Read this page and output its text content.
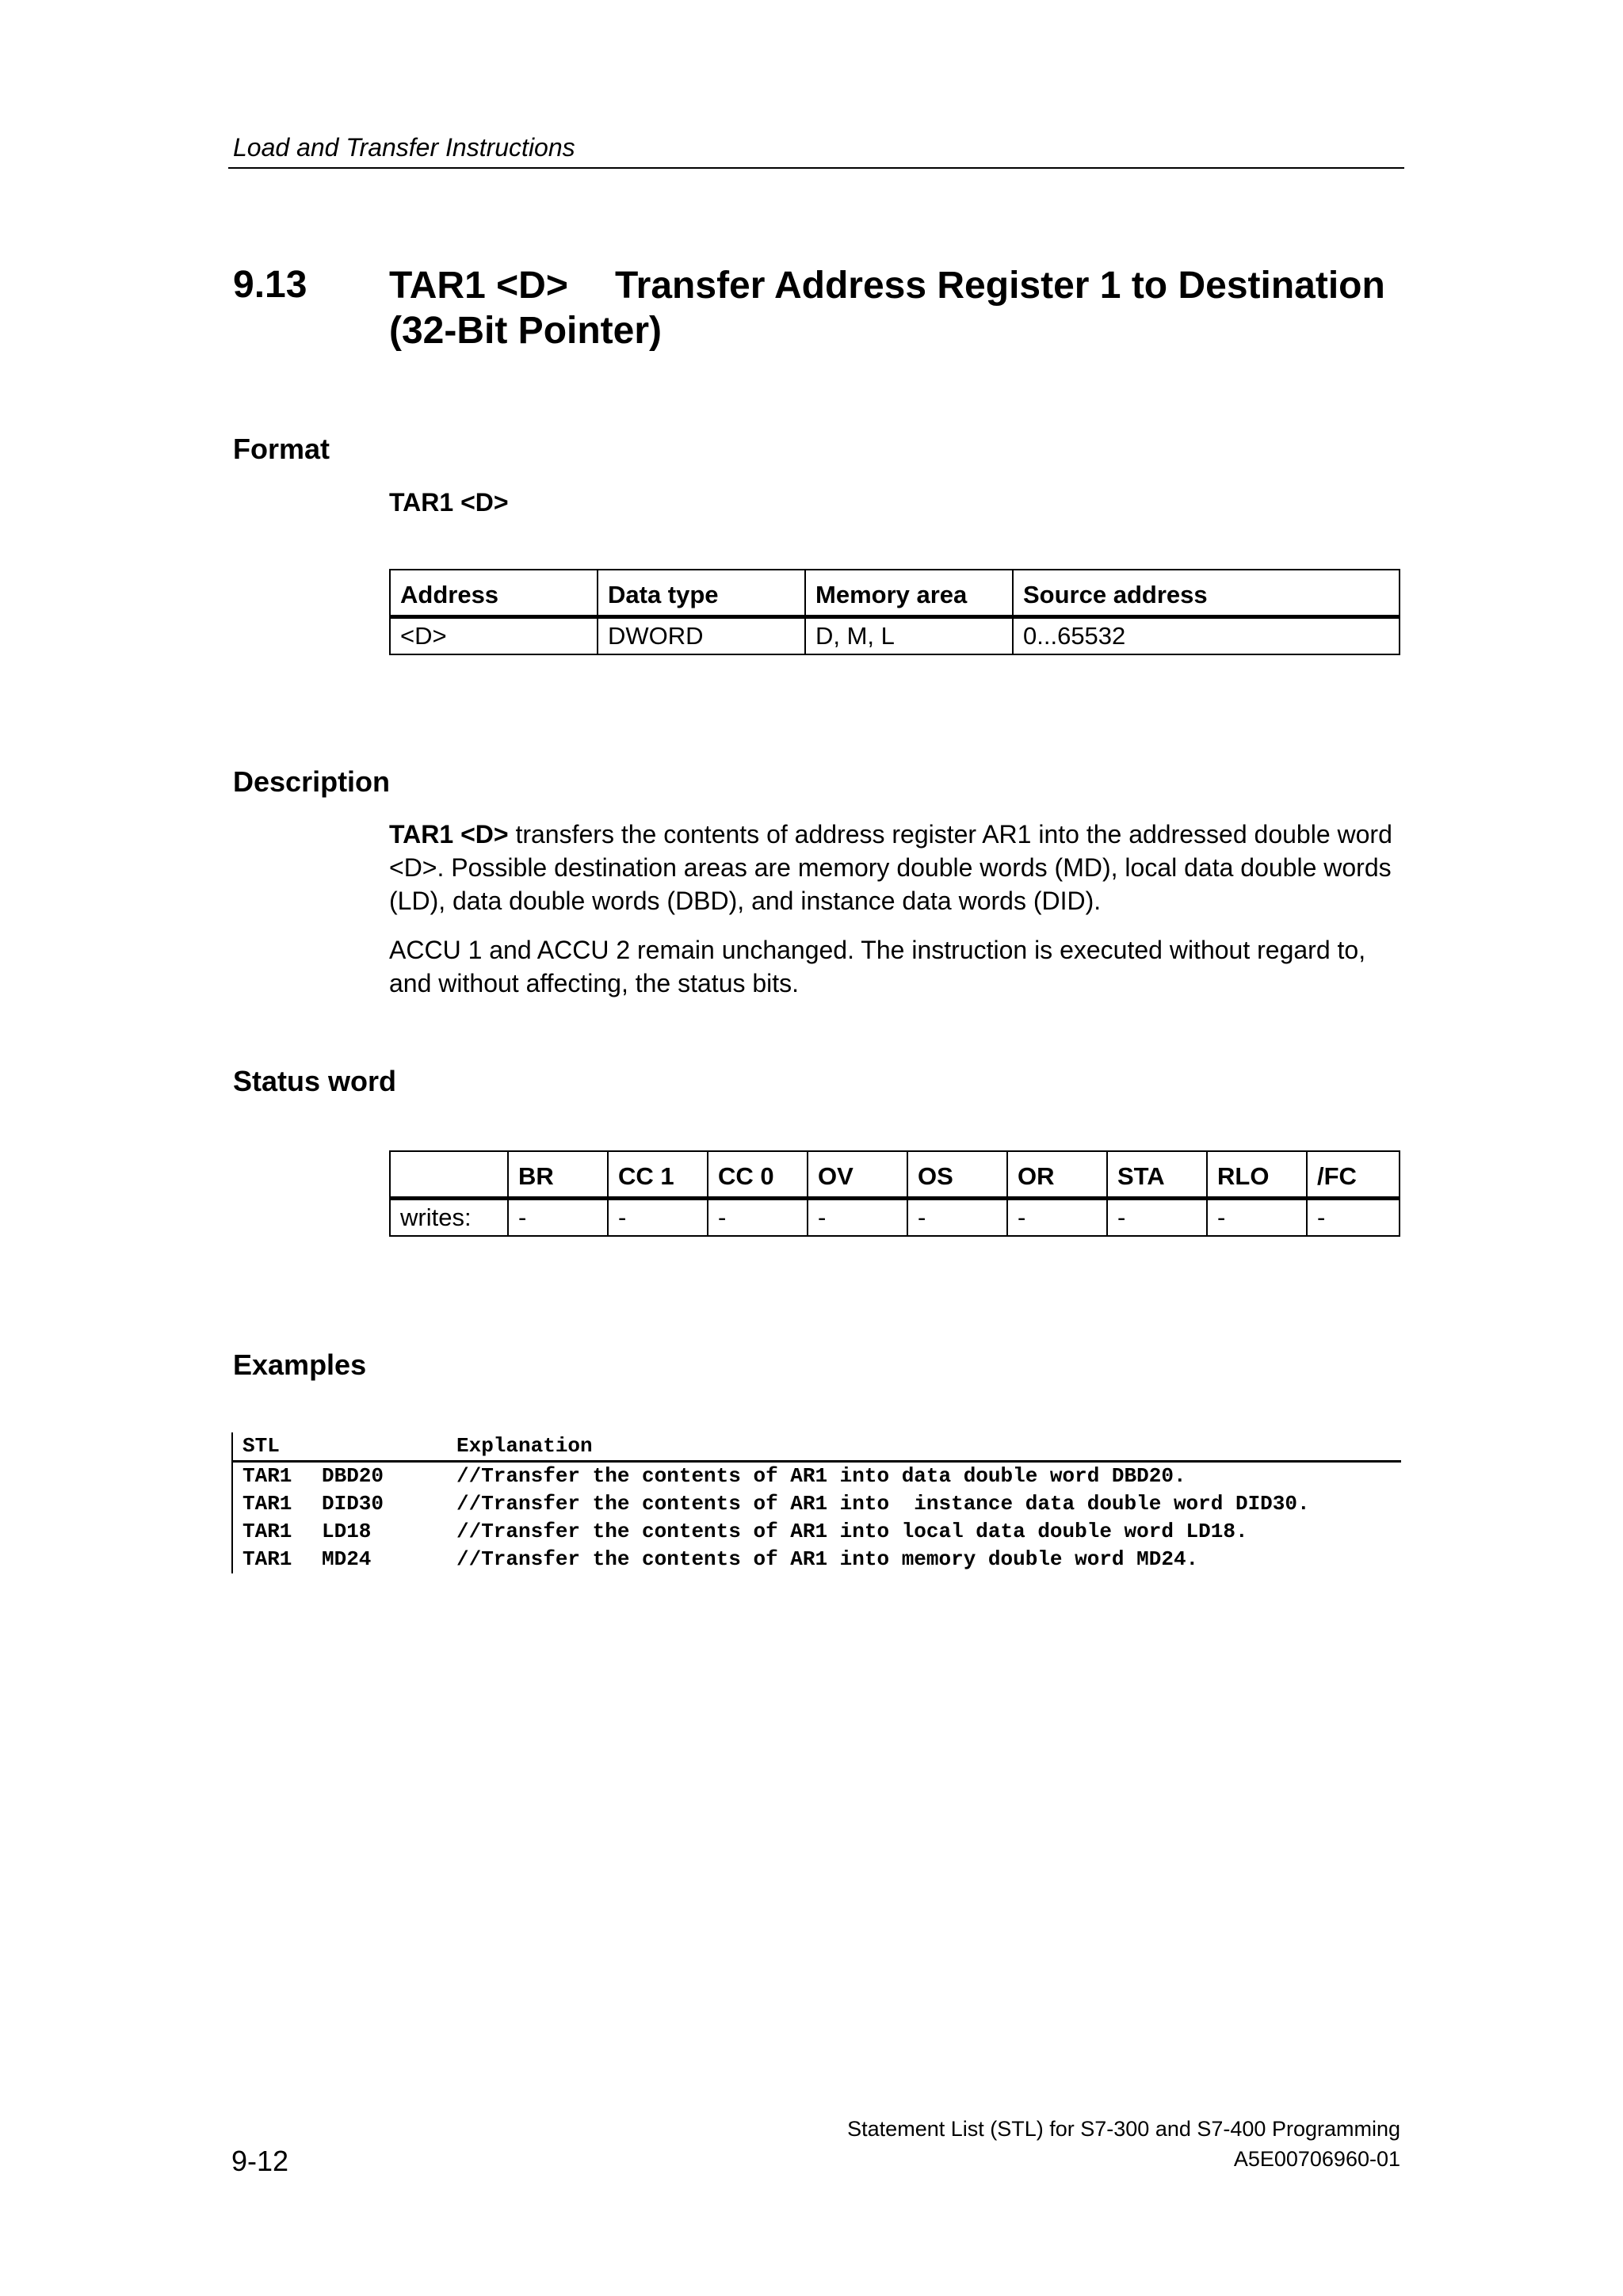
Load and Transfer Instructions
9.13 TAR1 <D> Transfer Address Register 1 to Destination
(32-Bit Pointer)
Format
TAR1 <D>
Address	Data type	Memory area	Source address
<D>	DWORD	D, M, L	0...65532
Description
TAR1 <D> transfers the contents of address register AR1 into the addressed double word <D>. Possible destination areas are memory double words (MD), local data double words (LD), data double words (DBD), and instance data words (DID).
ACCU 1 and ACCU 2 remain unchanged. The instruction is executed without regard to, and without affecting, the status bits.
Status word
	BR	CC 1	CC 0	OV	OS	OR	STA	RLO	/FC
writes:	-	-	-	-	-	-	-	-	-
Examples
STL	Explanation
TAR1	DBD20	//Transfer the contents of AR1 into data double word DBD20.
TAR1	DID30	//Transfer the contents of AR1 into  instance data double word DID30.
TAR1	LD18	//Transfer the contents of AR1 into local data double word LD18.
TAR1	MD24	//Transfer the contents of AR1 into memory double word MD24.
9-12
Statement List (STL) for S7-300 and S7-400 Programming
A5E00706960-01
